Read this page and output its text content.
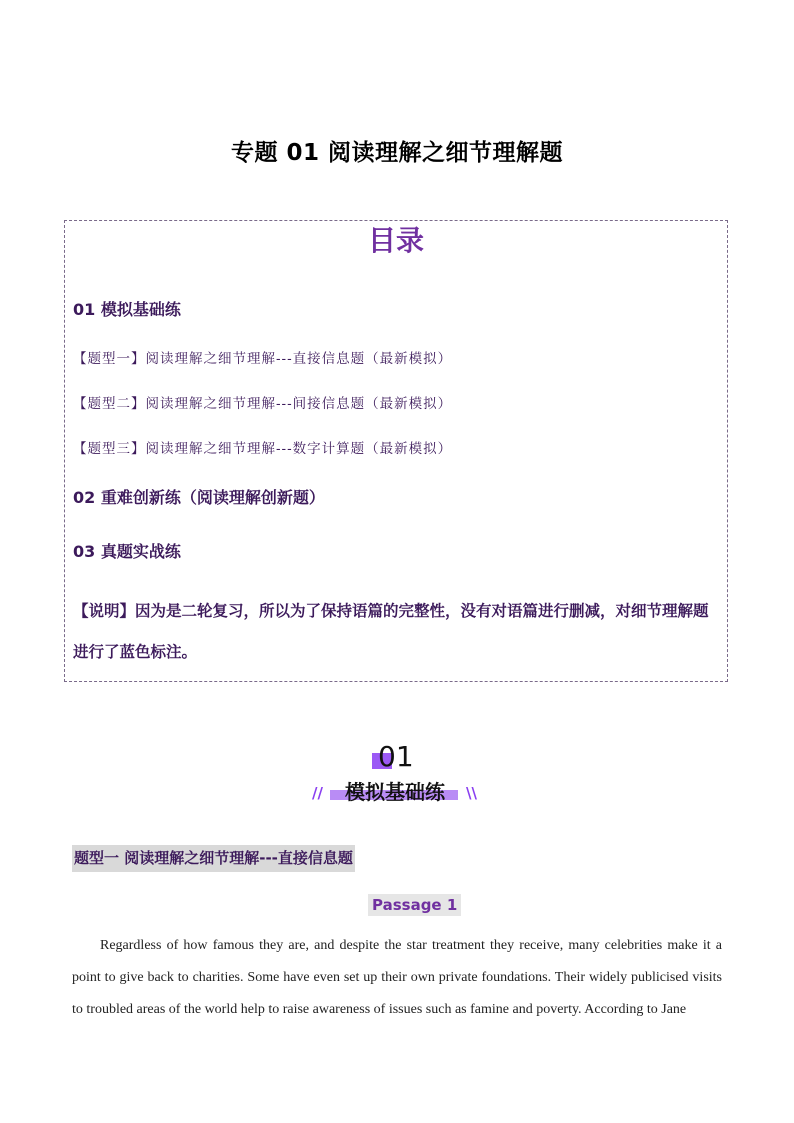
专题 01 阅读理解之细节理解题
目录
01 模拟基础练
【题型一】阅读理解之细节理解---直接信息题（最新模拟）
【题型二】阅读理解之细节理解---间接信息题（最新模拟）
【题型三】阅读理解之细节理解---数字计算题（最新模拟）
02 重难创新练（阅读理解创新题）
03 真题实战练
【说明】因为是二轮复习，所以为了保持语篇的完整性，没有对语篇进行删减，对细节理解题进行了蓝色标注。
01
//	模拟基础练	\\
题型一 阅读理解之细节理解---直接信息题
Passage 1
Regardless of how famous they are, and despite the star treatment they receive, many celebrities make it a point to give back to charities. Some have even set up their own private foundations. Their widely publicised visits to troubled areas of the world help to raise awareness of issues such as famine and poverty. According to Jane
